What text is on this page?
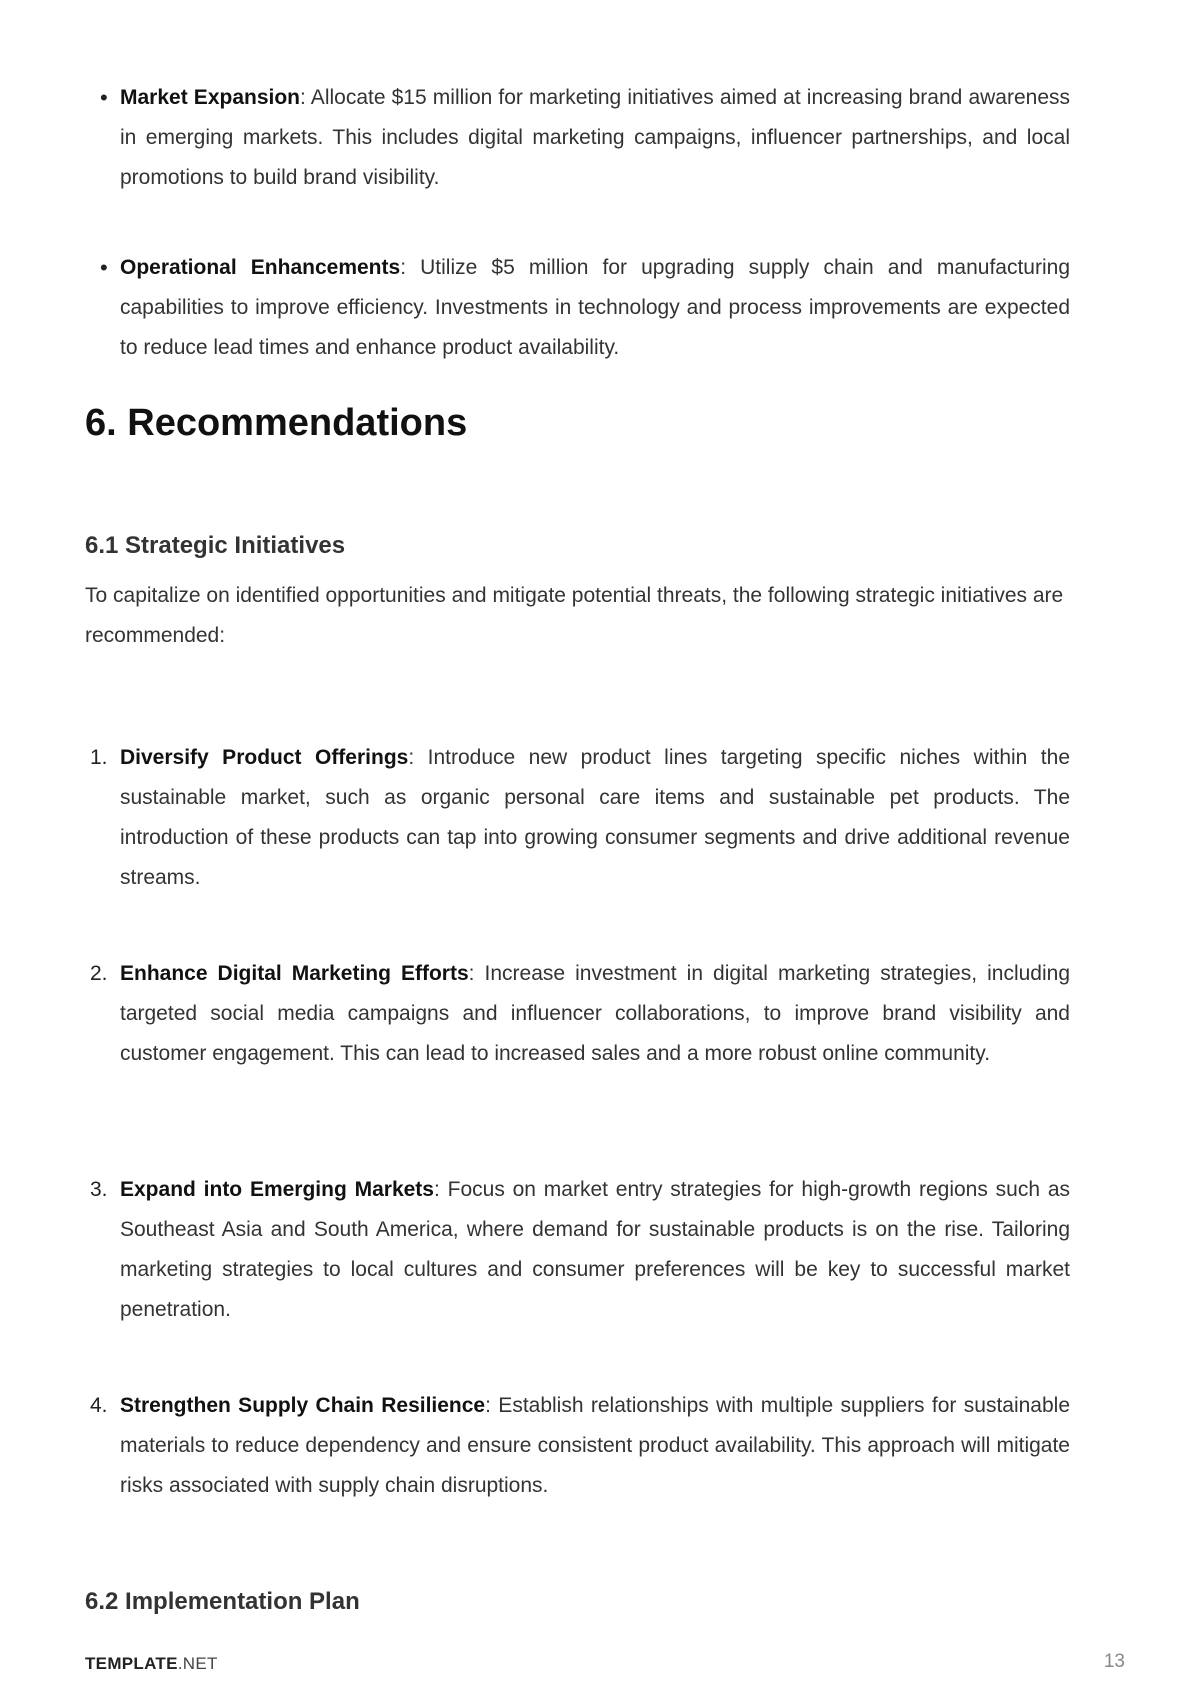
• Market Expansion: Allocate $15 million for marketing initiatives aimed at increasing brand awareness in emerging markets. This includes digital marketing campaigns, influencer partnerships, and local promotions to build brand visibility.
• Operational Enhancements: Utilize $5 million for upgrading supply chain and manufacturing capabilities to improve efficiency. Investments in technology and process improvements are expected to reduce lead times and enhance product availability.
6. Recommendations
6.1 Strategic Initiatives

To capitalize on identified opportunities and mitigate potential threats, the following strategic initiatives are recommended:

1. Diversify Product Offerings: Introduce new product lines targeting specific niches within the sustainable market, such as organic personal care items and sustainable pet products. The introduction of these products can tap into growing consumer segments and drive additional revenue streams.
2. Enhance Digital Marketing Efforts: Increase investment in digital marketing strategies, including targeted social media campaigns and influencer collaborations, to improve brand visibility and customer engagement. This can lead to increased sales and a more robust online community.
3. Expand into Emerging Markets: Focus on market entry strategies for high-growth regions such as Southeast Asia and South America, where demand for sustainable products is on the rise. Tailoring marketing strategies to local cultures and consumer preferences will be key to successful market penetration.
4. Strengthen Supply Chain Resilience: Establish relationships with multiple suppliers for sustainable materials to reduce dependency and ensure consistent product availability. This approach will mitigate risks associated with supply chain disruptions.
6.2 Implementation Plan
TEMPLATE.NET	13
